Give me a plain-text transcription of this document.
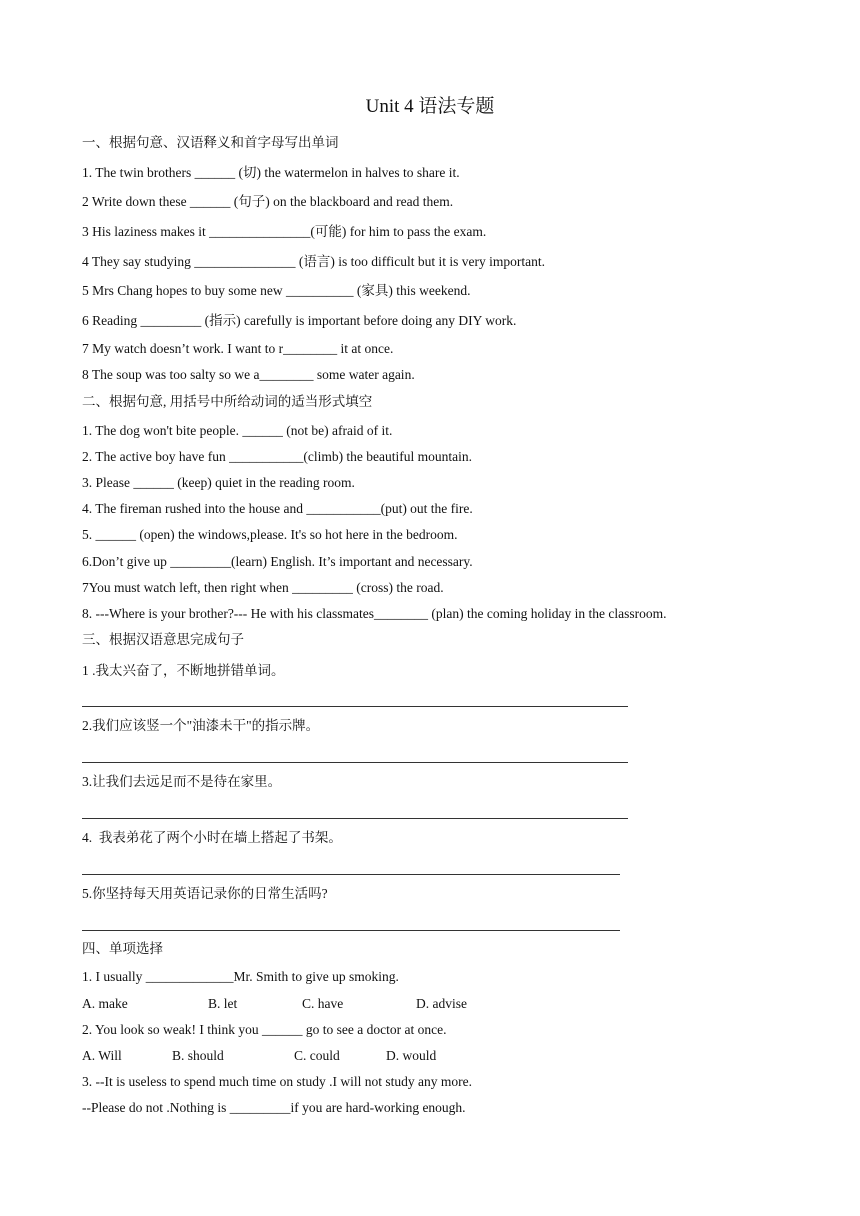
Unit 4 语法专题
一、根据句意、汉语释义和首字母写出单词
1. The twin brothers ______ (切) the watermelon in halves to share it.
2 Write down these ______ (句子) on the blackboard and read them.
3 His laziness makes it _______________(可能) for him to pass the exam.
4 They say studying _______________ (语言) is too difficult but it is very important.
5 Mrs Chang hopes to buy some new __________ (家具) this weekend.
6 Reading _________ (指示) carefully is important before doing any DIY work.
7 My watch doesn’t work. I want to r________ it at once.
8 The soup was too salty so we a________ some water again.
二、根据句意, 用括号中所给动词的适当形式填空
1. The dog won't bite people. ______ (not be) afraid of it.
2. The active boy have fun ___________(climb) the beautiful mountain.
3. Please ______ (keep) quiet in the reading room.
4. The fireman rushed into the house and ___________(put) out the fire.
5. ______ (open) the windows,please. It's so hot here in the bedroom.
6.Don’t give up _________(learn) English. It’s important and necessary.
7You must watch left, then right when _________ (cross) the road.
8. ---Where is your brother?--- He with his classmates________ (plan) the coming holiday in the classroom.
三、根据汉语意思完成句子
1 .我太兴奋了，不断地拼错单词。
2.我们应该竖一个"油漆未干"的指示牌。
3.让我们去远足而不是待在家里。
4.  我表弟花了两个小时在墙上搭起了书架。
5.你坚持每天用英语记录你的日常生活吗?
四、单项选择
1. I usually _____________Mr. Smith to give up smoking.
A. make	B. let	C. have	D. advise
2. You look so weak! I think you ______ go to see a doctor at once.
A. Will	B. should	C. could	D. would
3. --It is useless to spend much time on study .I will not study any more.
--Please do not .Nothing is _________if you are hard-working enough.
